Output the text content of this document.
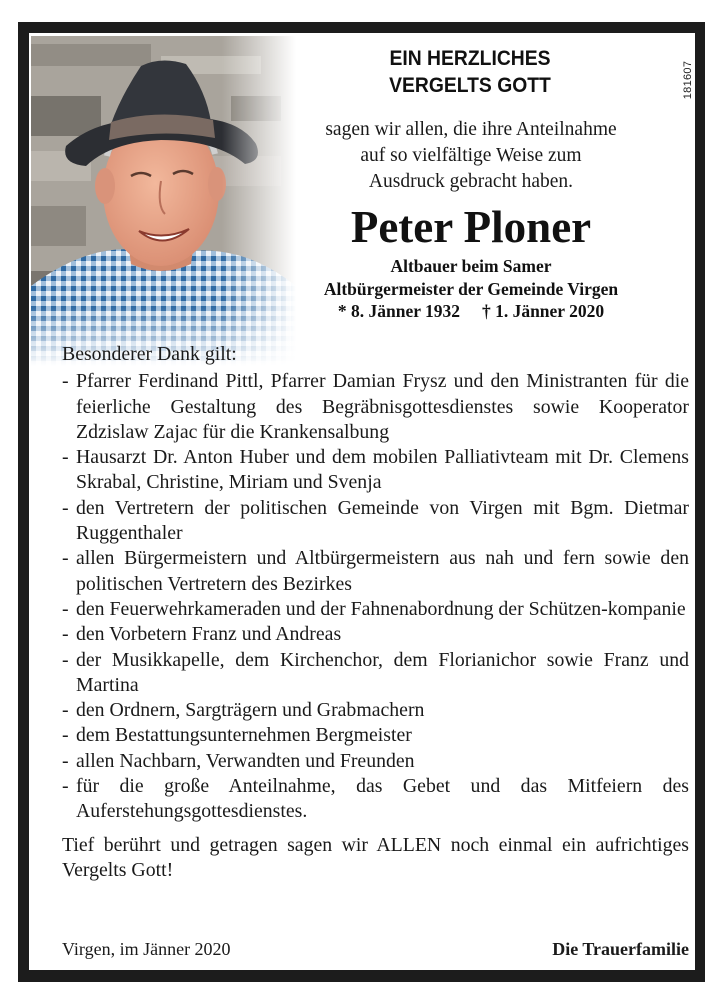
181607
EIN HERZLICHES
VERGELTS GOTT
sagen wir allen, die ihre Anteilnahme
auf so vielfältige Weise zum
Ausdruck gebracht haben.
Peter Ploner
Altbauer beim Samer
Altbürgermeister der Gemeinde Virgen
* 8. Jänner 1932 † 1. Jänner 2020
Besonderer Dank gilt:
- Pfarrer Ferdinand Pittl, Pfarrer Damian Frysz und den Ministranten für die feierliche Gestaltung des Begräbnisgottesdienstes sowie Kooperator Zdzislaw Zajac für die Krankensalbung
- Hausarzt Dr. Anton Huber und dem mobilen Palliativteam mit Dr. Clemens Skrabal, Christine, Miriam und Svenja
- den Vertretern der politischen Gemeinde von Virgen mit Bgm. Dietmar Ruggenthaler
- allen Bürgermeistern und Altbürgermeistern aus nah und fern sowie den politischen Vertretern des Bezirkes
- den Feuerwehrkameraden und der Fahnenabordnung der Schützen-kompanie
- den Vorbetern Franz und Andreas
- der Musikkapelle, dem Kirchenchor, dem Florianichor sowie Franz und Martina
- den Ordnern, Sargträgern und Grabmachern
- dem Bestattungsunternehmen Bergmeister
- allen Nachbarn, Verwandten und Freunden
- für die große Anteilnahme, das Gebet und das Mitfeiern des Auferstehungsgottesdienstes.
Tief berührt und getragen sagen wir ALLEN noch einmal ein aufrichtiges Vergelts Gott!
Virgen, im Jänner 2020	Die Trauerfamilie
